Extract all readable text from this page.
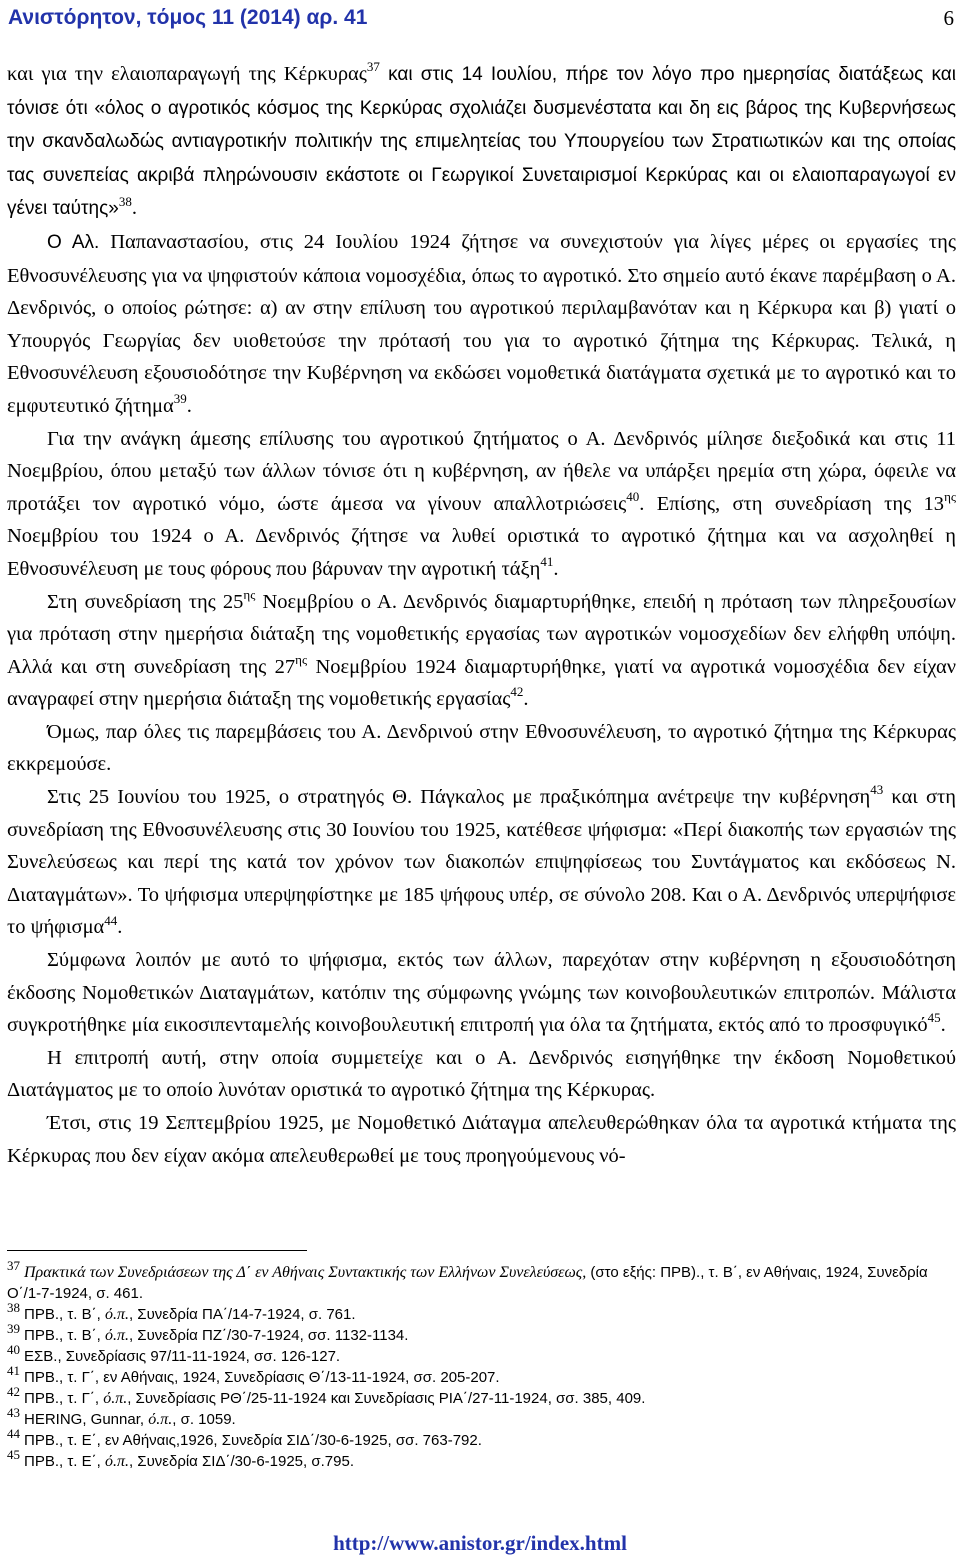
Ανιστόρητον, τόμος 11 (2014) αρ. 41	6

και για την ελαιοπαραγωγή της Κέρκυρας$^{37}$ και στις 14 Ιουλίου, πήρε τον λόγο προ ημερησίας διατάξεως και τόνισε ότι «όλος ο αγροτικός κόσμος της Κερκύρας σχολιάζει δυσμενέστατα και δη εις βάρος της Κυβερνήσεως την σκανδαλωδώς αντιαγροτικήν πολιτικήν της επιμελητείας του Υπουργείου των Στρατιωτικών και της οποίας τας συνεπείας ακριβά πληρώνουσιν εκάστοτε οι Γεωργικοί Συνεταιρισμοί Κερκύρας και οι ελαιοπαραγωγοί εν γένει ταύτης»$^{38}$.

Ο Αλ. Παπαναστασίου, στις 24 Ιουλίου 1924 ζήτησε να συνεχιστούν για λίγες μέρες οι εργασίες της Εθνοσυνέλευσης για να ψηφιστούν κάποια νομοσχέδια, όπως το αγροτικό. Στο σημείο αυτό έκανε παρέμβαση ο Α. Δενδρινός, ο οποίος ρώτησε: α) αν στην επίλυση του αγροτικού περιλαμβανόταν και η Κέρκυρα και β) γιατί ο Υπουργός Γεωργίας δεν υιοθετούσε την πρότασή του για το αγροτικό ζήτημα της Κέρκυρας. Τελικά, η Εθνοσυνέλευση εξουσιοδότησε την Κυβέρνηση να εκδώσει νομοθετικά διατάγματα σχετικά με το αγροτικό και το εμφυτευτικό ζήτημα$^{39}$.

Για την ανάγκη άμεσης επίλυσης του αγροτικού ζητήματος ο Α. Δενδρινός μίλησε διεξοδικά και στις 11 Νοεμβρίου, όπου μεταξύ των άλλων τόνισε ότι η κυβέρνηση, αν ήθελε να υπάρξει ηρεμία στη χώρα, όφειλε να προτάξει τον αγροτικό νόμο, ώστε άμεσα να γίνουν απαλλοτριώσεις$^{40}$. Επίσης, στη συνεδρίαση της $13^{\eta\varsigma}$ Νοεμβρίου του 1924 ο Α. Δενδρινός ζήτησε να λυθεί οριστικά το αγροτικό ζήτημα και να ασχοληθεί η Εθνοσυνέλευση με τους φόρους που βάρυναν την αγροτική τάξη$^{41}$.

Στη συνεδρίαση της $25^{\eta\varsigma}$ Νοεμβρίου ο Α. Δενδρινός διαμαρτυρήθηκε, επειδή η πρόταση των πληρεξουσίων για πρόταση στην ημερήσια διάταξη της νομοθετικής εργασίας των αγροτικών νομοσχεδίων δεν ελήφθη υπόψη. Αλλά και στη συνεδρίαση της $27^{\eta\varsigma}$ Νοεμβρίου 1924 διαμαρτυρήθηκε, γιατί να αγροτικά νομοσχέδια δεν είχαν αναγραφεί στην ημερήσια διάταξη της νομοθετικής εργασίας$^{42}$.

Όμως, παρ όλες τις παρεμβάσεις του Α. Δενδρινού στην Εθνοσυνέλευση, το αγροτικό ζήτημα της Κέρκυρας εκκρεμούσε.

Στις 25 Ιουνίου του 1925, ο στρατηγός Θ. Πάγκαλος με πραξικόπημα ανέτρεψε την κυβέρνηση$^{43}$ και στη συνεδρίαση της Εθνοσυνέλευσης στις 30 Ιουνίου του 1925, κατέθεσε ψήφισμα: «Περί διακοπής των εργασιών της Συνελεύσεως και περί της κατά τον χρόνον των διακοπών επιψηφίσεως του Συντάγματος και εκδόσεως Ν. Διαταγμάτων». Το ψήφισμα υπερψηφίστηκε με 185 ψήφους υπέρ, σε σύνολο 208. Και ο Α. Δενδρινός υπερψήφισε το ψήφισμα$^{44}$.

Σύμφωνα λοιπόν με αυτό το ψήφισμα, εκτός των άλλων, παρεχόταν στην κυβέρνηση η εξουσιοδότηση έκδοσης Νομοθετικών Διαταγμάτων, κατόπιν της σύμφωνης γνώμης των κοινοβουλευτικών επιτροπών. Μάλιστα συγκροτήθηκε μία εικοσιπενταμελής κοινοβουλευτική επιτροπή για όλα τα ζητήματα, εκτός από το προσφυγικό$^{45}$.

Η επιτροπή αυτή, στην οποία συμμετείχε και ο Α. Δενδρινός εισηγήθηκε την έκδοση Νομοθετικού Διατάγματος με το οποίο λυνόταν οριστικά το αγροτικό ζήτημα της Κέρκυρας.

Έτσι, στις 19 Σεπτεμβρίου 1925, με Νομοθετικό Διάταγμα απελευθερώθηκαν όλα τα αγροτικά κτήματα της Κέρκυρας που δεν είχαν ακόμα απελευθερωθεί με τους προηγούμενους νό-

$^{37}$ Πρακτικά των Συνεδριάσεων της Δ΄ εν Αθήναις Συντακτικής των Ελλήνων Συνελεύσεως, (στο εξής: ΠΡΒ)., τ. Β΄, εν Αθήναις, 1924, Συνεδρία Ο΄/1-7-1924, σ. 461.

$^{38}$ ΠΡΒ., τ. Β΄, ό.π., Συνεδρία ΠΑ΄/14-7-1924, σ. 761.

$^{39}$ ΠΡΒ., τ. Β΄, ό.π., Συνεδρία ΠΖ΄/30-7-1924, σσ. 1132-1134.

$^{40}$ ΕΣΒ., Συνεδρίασις 97/11-11-1924, σσ. 126-127.

$^{41}$ ΠΡΒ., τ. Γ΄, εν Αθήναις, 1924, Συνεδρίασις Θ΄/13-11-1924, σσ. 205-207.

$^{42}$ ΠΡΒ., τ. Γ΄, ό.π., Συνεδρίασις ΡΘ΄/25-11-1924 και Συνεδρίασις ΡΙΑ΄/27-11-1924, σσ. 385, 409.

$^{43}$ HERING, Gunnar, ό.π., σ. 1059.

$^{44}$ ΠΡΒ., τ. Ε΄, εν Αθήναις,1926, Συνεδρία ΣΙΔ΄/30-6-1925, σσ. 763-792.

$^{45}$ ΠΡΒ., τ. Ε΄, ό.π., Συνεδρία ΣΙΔ΄/30-6-1925, σ.795.

http://www.anistor.gr/index.html
